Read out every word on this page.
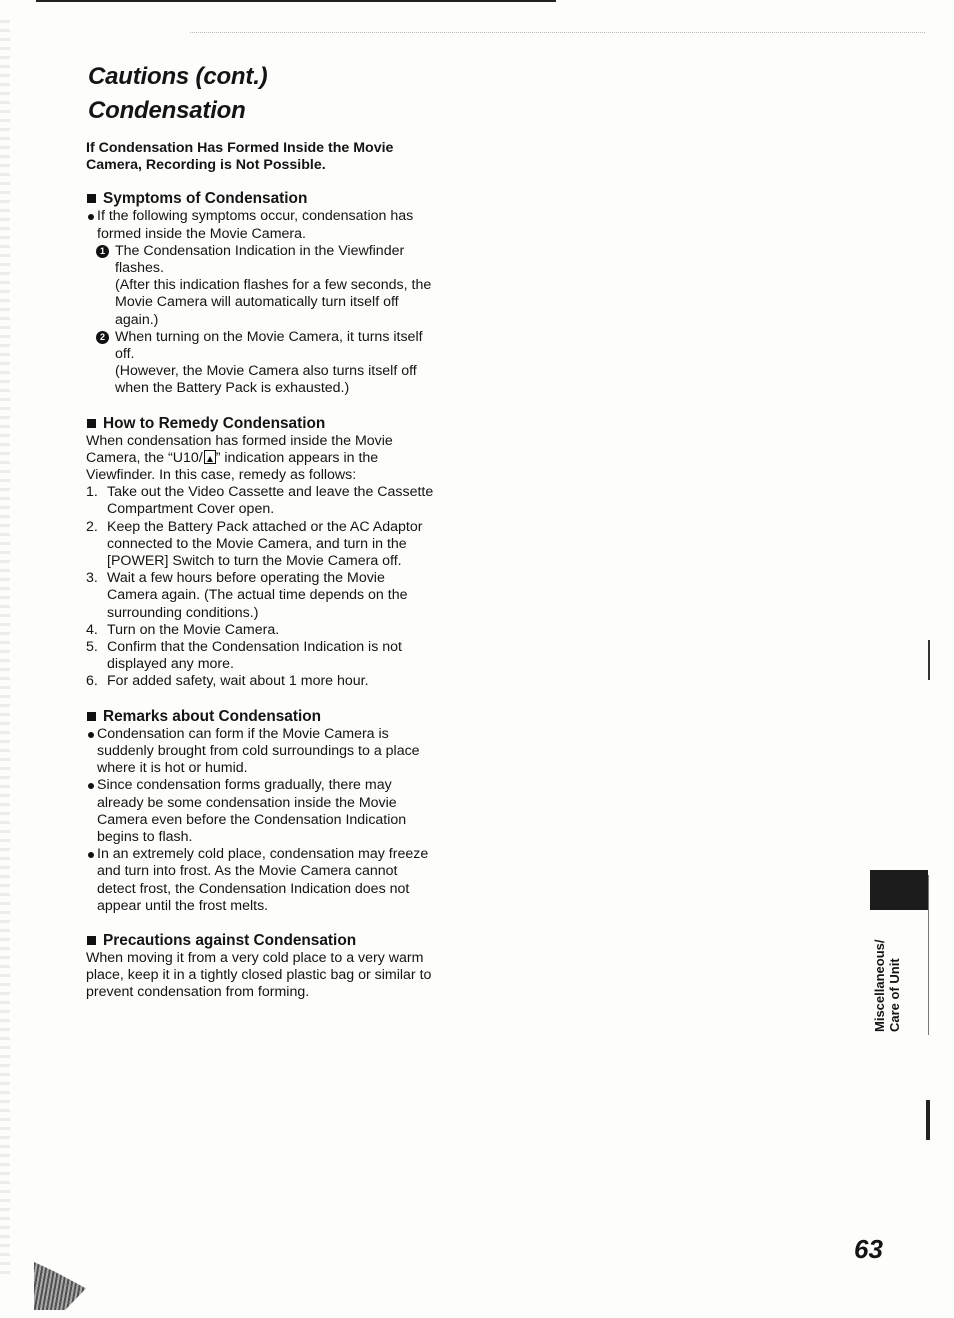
Cautions (cont.)
Condensation

If Condensation Has Formed Inside the Movie Camera, Recording is Not Possible.

Symptoms of Condensation
If the following symptoms occur, condensation has formed inside the Movie Camera.
1 The Condensation Indication in the Viewfinder flashes.
(After this indication flashes for a few seconds, the Movie Camera will automatically turn itself off again.)
2 When turning on the Movie Camera, it turns itself off.
(However, the Movie Camera also turns itself off when the Battery Pack is exhausted.)
How to Remedy Condensation

When condensation has formed inside the Movie Camera, the “U10/ ” indication appears in the Viewfinder. In this case, remedy as follows:

1. Take out the Video Cassette and leave the Cassette Compartment Cover open.
2. Keep the Battery Pack attached or the AC Adaptor connected to the Movie Camera, and turn in the [POWER] Switch to turn the Movie Camera off.
3. Wait a few hours before operating the Movie Camera again. (The actual time depends on the surrounding conditions.)
4. Turn on the Movie Camera.
5. Confirm that the Condensation Indication is not displayed any more.
6. For added safety, wait about 1 more hour.
Remarks about Condensation
Condensation can form if the Movie Camera is suddenly brought from cold surroundings to a place where it is hot or humid.
Since condensation forms gradually, there may already be some condensation inside the Movie Camera even before the Condensation Indication begins to flash.
In an extremely cold place, condensation may freeze and turn into frost. As the Movie Camera cannot detect frost, the Condensation Indication does not appear until the frost melts.
Precautions against Condensation

When moving it from a very cold place to a very warm place, keep it in a tightly closed plastic bag or similar to prevent condensation from forming.	Miscellaneous/ Care of Unit
63
